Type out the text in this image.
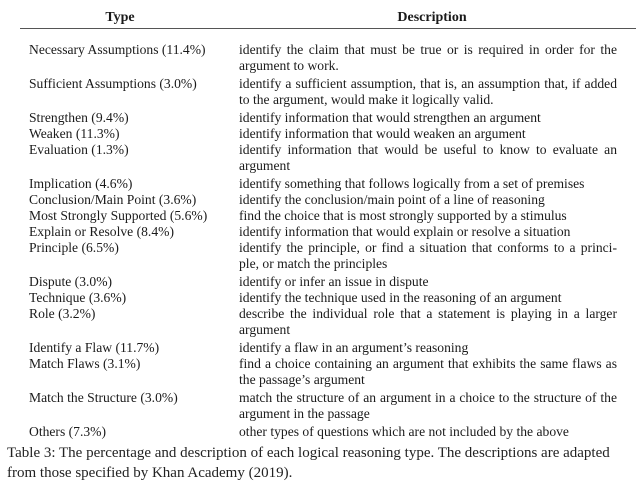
Type	Description
Necessary Assumptions (11.4%)	identify the claim that must be true or is required in order for the argument to work.
Sufficient Assumptions (3.0%)	identify a sufficient assumption, that is, an assumption that, if added to the argument, would make it logically valid.
Strengthen (9.4%)	identify information that would strengthen an argument
Weaken (11.3%)	identify information that would weaken an argument
Evaluation (1.3%)	identify information that would be useful to know to evaluate an argument
Implication (4.6%)	identify something that follows logically from a set of premises
Conclusion/Main Point (3.6%)	identify the conclusion/main point of a line of reasoning
Most Strongly Supported (5.6%)	find the choice that is most strongly supported by a stimulus
Explain or Resolve (8.4%)	identify information that would explain or resolve a situation
Principle (6.5%)	identify the principle, or find a situation that conforms to a princi-ple, or match the principles
Dispute (3.0%)	identify or infer an issue in dispute
Technique (3.6%)	identify the technique used in the reasoning of an argument
Role (3.2%)	describe the individual role that a statement is playing in a larger argument
Identify a Flaw (11.7%)	identify a flaw in an argument’s reasoning
Match Flaws (3.1%)	find a choice containing an argument that exhibits the same flaws as the passage’s argument
Match the Structure (3.0%)	match the structure of an argument in a choice to the structure of the argument in the passage
Others (7.3%)	other types of questions which are not included by the above
Table 3: The percentage and description of each logical reasoning type. The descriptions are adapted from those specified by Khan Academy (2019).
